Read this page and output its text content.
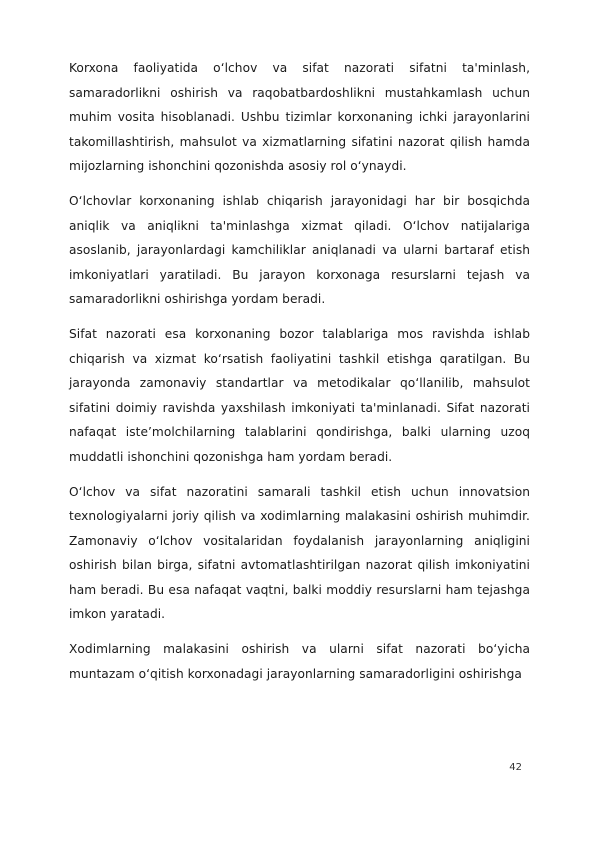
Korxona faoliyatida o‘lchov va sifat nazorati sifatni ta'minlash, samaradorlikni oshirish va raqobatbardoshlikni mustahkamlash uchun muhim vosita hisoblanadi. Ushbu tizimlar korxonaning ichki jarayonlarini takomillashtirish, mahsulot va xizmatlarning sifatini nazorat qilish hamda mijozlarning ishonchini qozonishda asosiy rol o‘ynaydi.

O‘lchovlar korxonaning ishlab chiqarish jarayonidagi har bir bosqichda aniqlik va aniqlikni ta'minlashga xizmat qiladi. O‘lchov natijalariga asoslanib, jarayonlardagi kamchiliklar aniqlanadi va ularni bartaraf etish imkoniyatlari yaratiladi. Bu jarayon korxonaga resurslarni tejash va samaradorlikni oshirishga yordam beradi.

Sifat nazorati esa korxonaning bozor talablariga mos ravishda ishlab chiqarish va xizmat ko‘rsatish faoliyatini tashkil etishga qaratilgan. Bu jarayonda zamonaviy standartlar va metodikalar qo‘llanilib, mahsulot sifatini doimiy ravishda yaxshilash imkoniyati ta'minlanadi. Sifat nazorati nafaqat iste’molchilarning talablarini qondirishga, balki ularning uzoq muddatli ishonchini qozonishga ham yordam beradi.

O‘lchov va sifat nazoratini samarali tashkil etish uchun innovatsion texnologiyalarni joriy qilish va xodimlarning malakasini oshirish muhimdir. Zamonaviy o‘lchov vositalaridan foydalanish jarayonlarning aniqligini oshirish bilan birga, sifatni avtomatlashtirilgan nazorat qilish imkoniyatini ham beradi. Bu esa nafaqat vaqtni, balki moddiy resurslarni ham tejashga imkon yaratadi.

Xodimlarning malakasini oshirish va ularni sifat nazorati bo‘yicha muntazam o‘qitish korxonadagi jarayonlarning samaradorligini oshirishga

42
